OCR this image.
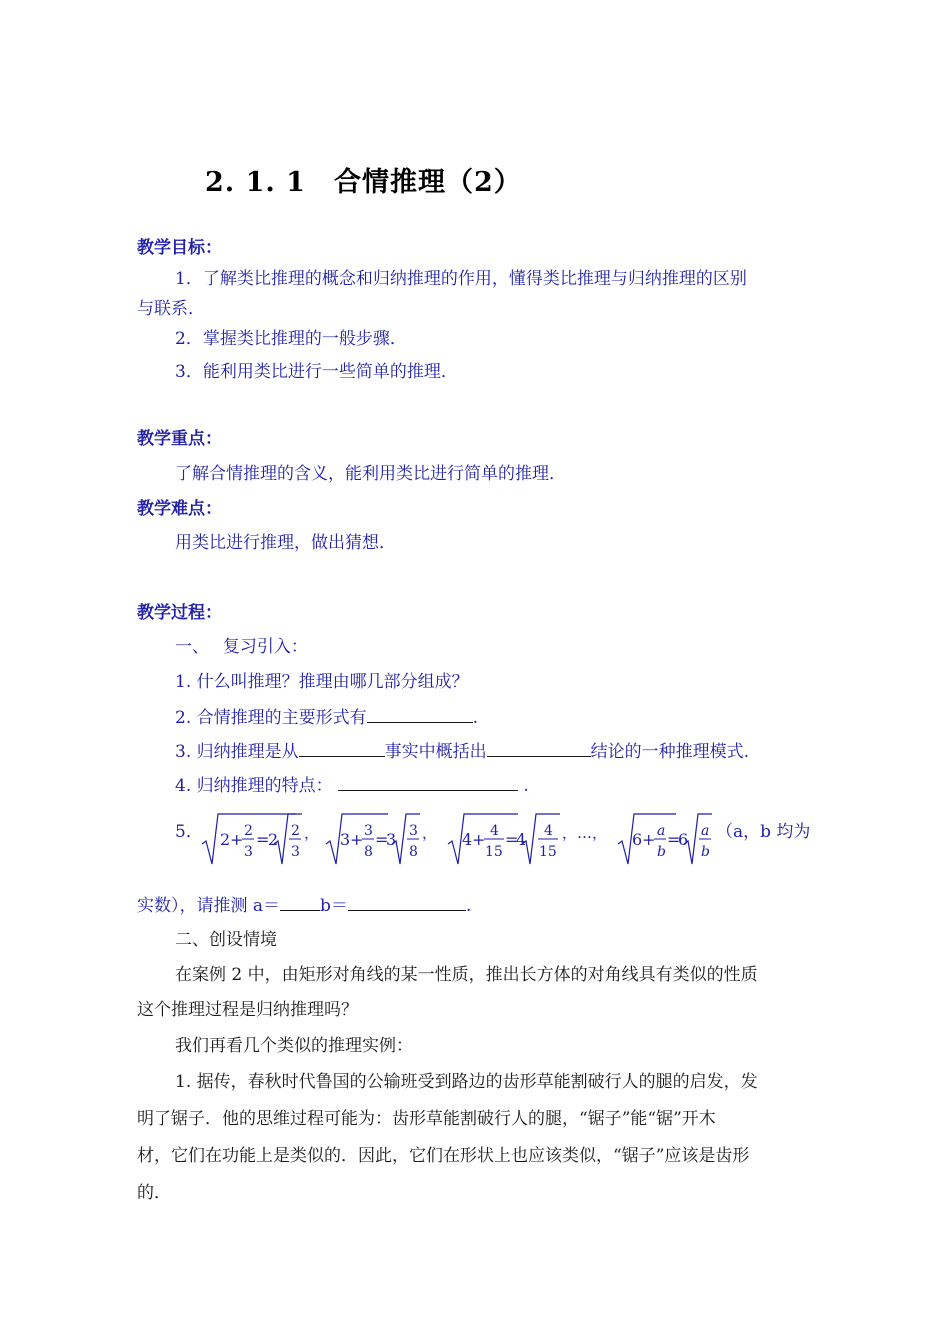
2. 1. 1　合情推理（2）
教学目标：
1．了解类比推理的概念和归纳推理的作用，懂得类比推理与归纳推理的区别
与联系．
2．掌握类比推理的一般步骤．
3．能利用类比进行一些简单的推理．
教学重点：
了解合情推理的含义，能利用类比进行简单的推理．
教学难点：
用类比进行推理，做出猜想．
教学过程：
一、　 复习引入：
1. 什么叫推理？推理由哪几部分组成？
2. 合情推理的主要形式有	.
3. 归纳推理是从	事实中概括出	结论的一种推理模式.
4. 归纳推理的特点：	.
5． 2 + 2
3
=
2 2
3
， 3 + 3
8
=
3 3
8
， 4 + 4
15
=
4 4
15
，…， 6 + a
b
=
6 a
b
（a，b 均为
实数），请推测 a＝ b＝	.
二、创设情境
在案例 2 中，由矩形对角线的某一性质，推出长方体的对角线具有类似的性质
这个推理过程是归纳推理吗？
我们再看几个类似的推理实例：
1. 据传，春秋时代鲁国的公输班受到路边的齿形草能割破行人的腿的启发，发
明了锯子．他的思维过程可能为：齿形草能割破行人的腿，“锯子”能“锯”开木
材，它们在功能上是类似的．因此，它们在形状上也应该类似，“锯子”应该是齿形
的．
